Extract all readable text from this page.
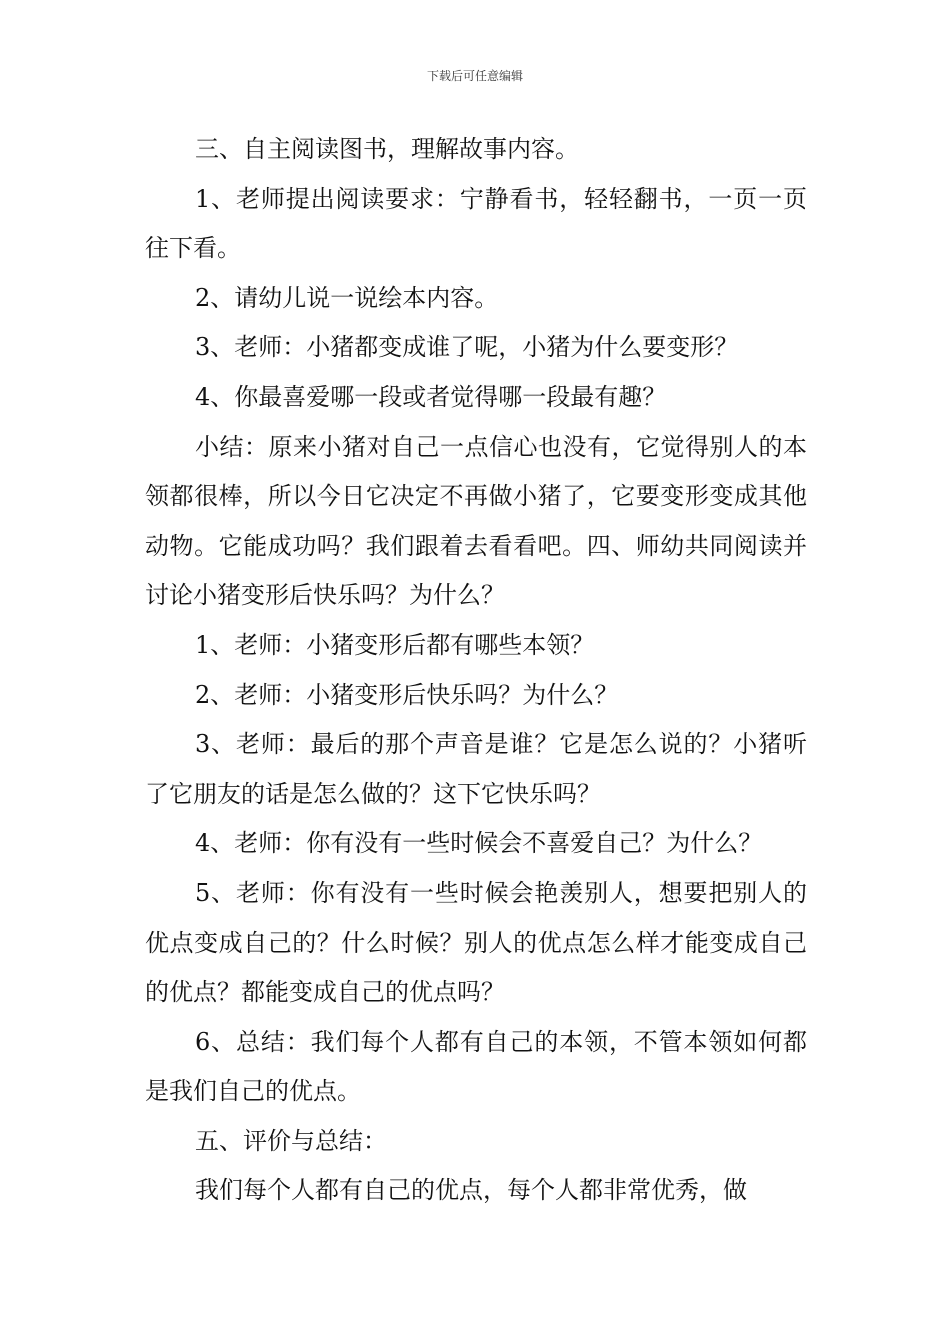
下载后可任意编辑

三、自主阅读图书，理解故事内容。

1、老师提出阅读要求：宁静看书，轻轻翻书，一页一页往下看。

2、请幼儿说一说绘本内容。

3、老师：小猪都变成谁了呢，小猪为什么要变形？

4、你最喜爱哪一段或者觉得哪一段最有趣？

小结：原来小猪对自己一点信心也没有，它觉得别人的本领都很棒，所以今日它决定不再做小猪了，它要变形变成其他动物。它能成功吗？我们跟着去看看吧。四、师幼共同阅读并讨论小猪变形后快乐吗？为什么？

1、老师：小猪变形后都有哪些本领？

2、老师：小猪变形后快乐吗？为什么？

3、老师：最后的那个声音是谁？它是怎么说的？小猪听了它朋友的话是怎么做的？这下它快乐吗？

4、老师：你有没有一些时候会不喜爱自己？为什么？

5、老师：你有没有一些时候会艳羡别人，想要把别人的优点变成自己的？什么时候？别人的优点怎么样才能变成自己的优点？都能变成自己的优点吗？

6、总结：我们每个人都有自己的本领，不管本领如何都是我们自己的优点。

五、评价与总结：

我们每个人都有自己的优点，每个人都非常优秀，做
